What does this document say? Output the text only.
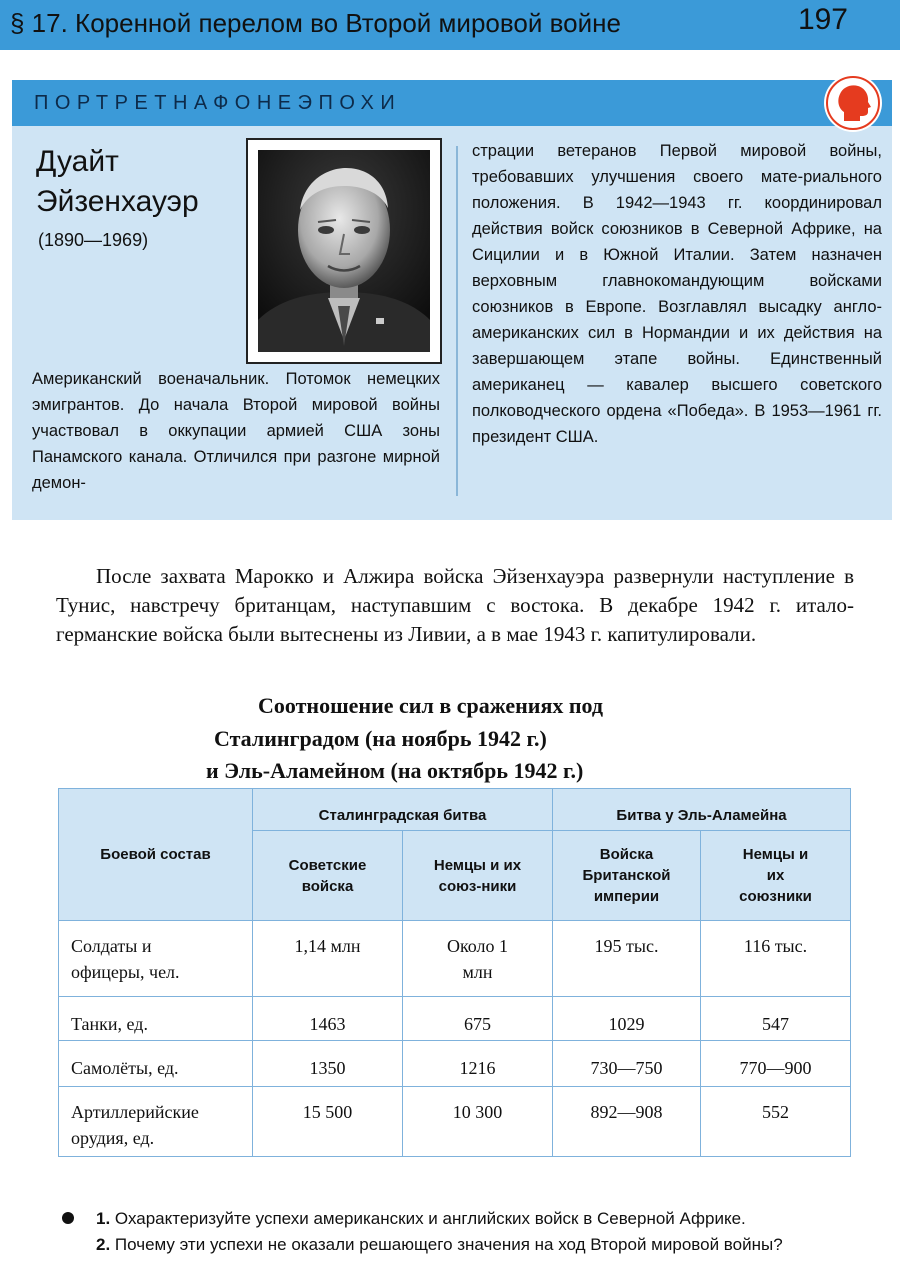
§ 17. Коренной перелом во Второй мировой войне	197
ПОРТРЕТНАФОНЕЭПОХИ
Дуайт
Эйзенхауэр
(1890—1969)
Американский военачальник. Потомок немецких эмигрантов. До начала Второй мировой войны участвовал в оккупации армией США зоны Панамского канала. Отличился при разгоне мирной демон-
страции ветеранов Первой мировой войны, требовавших улучшения своего мате-риального положения. В 1942—1943 гг. координировал действия войск союзников в Северной Африке, на Сицилии и в Южной Италии. Затем назначен верховным главнокомандующим войсками союзников в Европе. Возглавлял высадку англо-американских сил в Нормандии и их действия на завершающем этапе войны. Единственный американец — кавалер высшего советского полководческого ордена «Победа». В 1953—1961 гг. президент США.
После захвата Марокко и Алжира войска Эйзенхауэра развернули наступление в Тунис, навстречу британцам, наступавшим с востока. В декабре 1942 г. итало-германские войска были вытеснены из Ливии, а в мае 1943 г. капитулировали.
Соотношение сил в сражениях под
Сталинградом (на ноябрь 1942 г.)
и Эль-Аламейном (на октябрь 1942 г.)
Боевой состав	Сталинградская битва		Битва у Эль-Аламейна	
	Советские войска	Немцы и их союз-ники	Войска Британской империи	Немцы и их союзники
Солдаты и офицеры, чел.	1,14 млн	Около 1 млн	195 тыс.	116 тыс.
Танки, ед.	1463	675	1029	547
Самолёты, ед.	1350	1216	730—750	770—900
Артиллерийские орудия, ед.	15 500	10 300	892—908	552
1. Охарактеризуйте успехи американских и английских войск в Северной Африке.
2. Почему эти успехи не оказали решающего значения на ход Второй мировой войны?
